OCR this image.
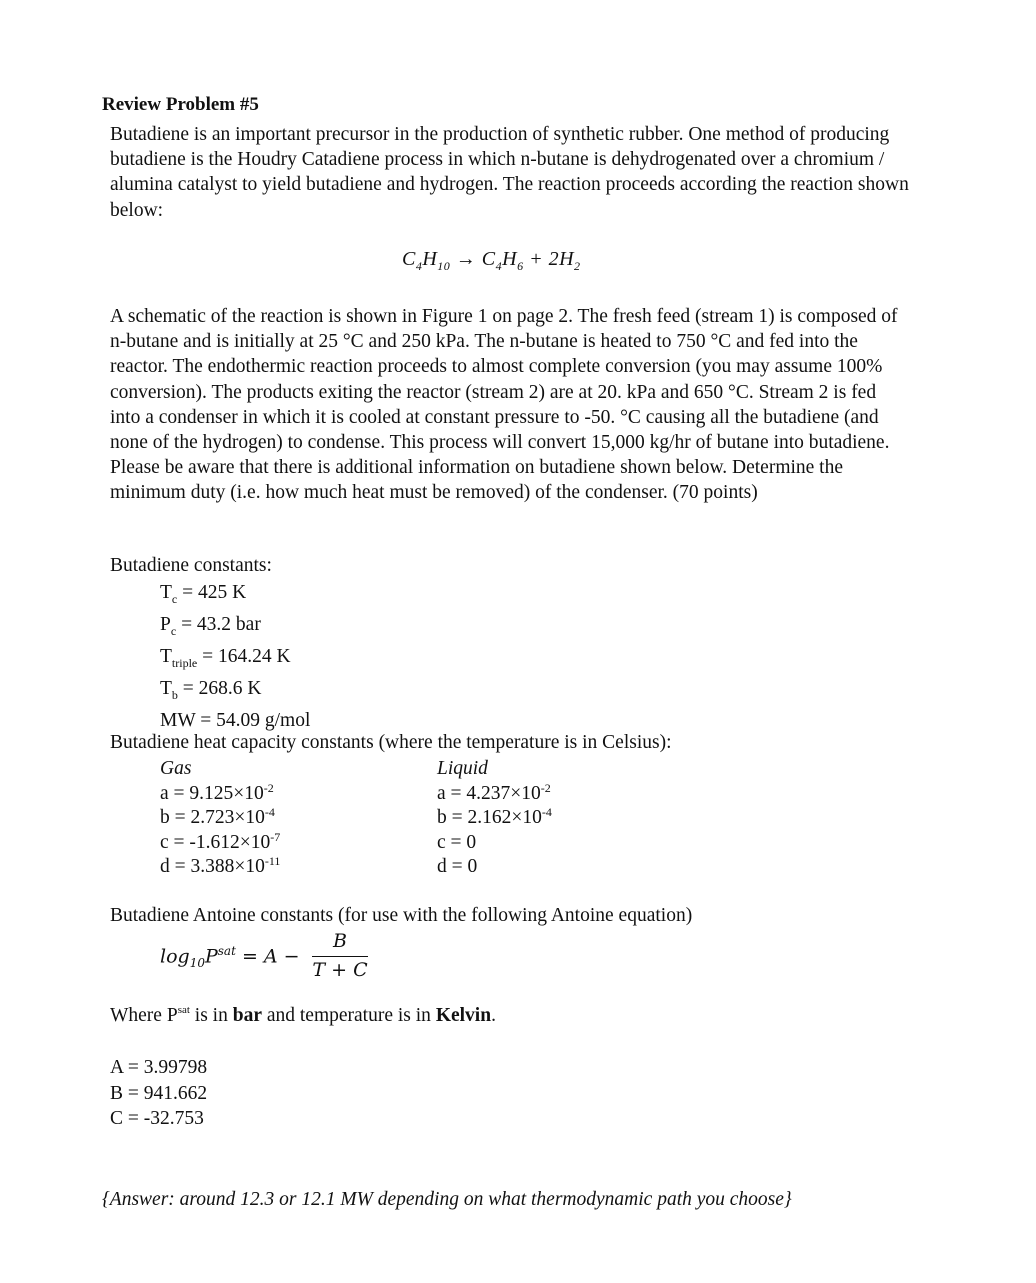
Review Problem #5

Butadiene is an important precursor in the production of synthetic rubber. One method of producing butadiene is the Houdry Catadiene process in which n-butane is dehydrogenated over a chromium / alumina catalyst to yield butadiene and hydrogen. The reaction proceeds according the reaction shown below:

$C_4H_{10} \to C_4H_6 + 2H_2$

A schematic of the reaction is shown in Figure 1 on page 2. The fresh feed (stream 1) is composed of n-butane and is initially at 25 °C and 250 kPa. The n-butane is heated to 750 °C and fed into the reactor. The endothermic reaction proceeds to almost complete conversion (you may assume 100% conversion). The products exiting the reactor (stream 2) are at 20. kPa and 650 °C. Stream 2 is fed into a condenser in which it is cooled at constant pressure to -50. °C causing all the butadiene (and none of the hydrogen) to condense. This process will convert 15,000 kg/hr of butane into butadiene. Please be aware that there is additional information on butadiene shown below. Determine the minimum duty (i.e. how much heat must be removed) of the condenser. (70 points)

Butadiene constants:
$T_c = 425$ K
$P_c = 43.2$ bar
$T_{triple} = 164.24$ K
$T_b = 268.6$ K
MW = 54.09 g/mol
Butadiene heat capacity constants (where the temperature is in Celsius):
Gas
$a = 9.125\times 10^{-2}$
$b = 2.723\times 10^{-4}$
$c = -1.612\times 10^{-7}$
$d = 3.388\times 10^{-11}$
Liquid
$a = 4.237\times 10^{-2}$
$b = 2.162\times 10^{-4}$
c = 0
d = 0
Butadiene Antoine constants (for use with the following Antoine equation)
$\log_{10}P^{sat} = A$ −
B
T + C
Where $P^{sat}$ is in bar and temperature is in Kelvin.
A = 3.99798
B = 941.662
C = -32.753
{Answer: around 12.3 or 12.1 MW depending on what thermodynamic path you choose}
